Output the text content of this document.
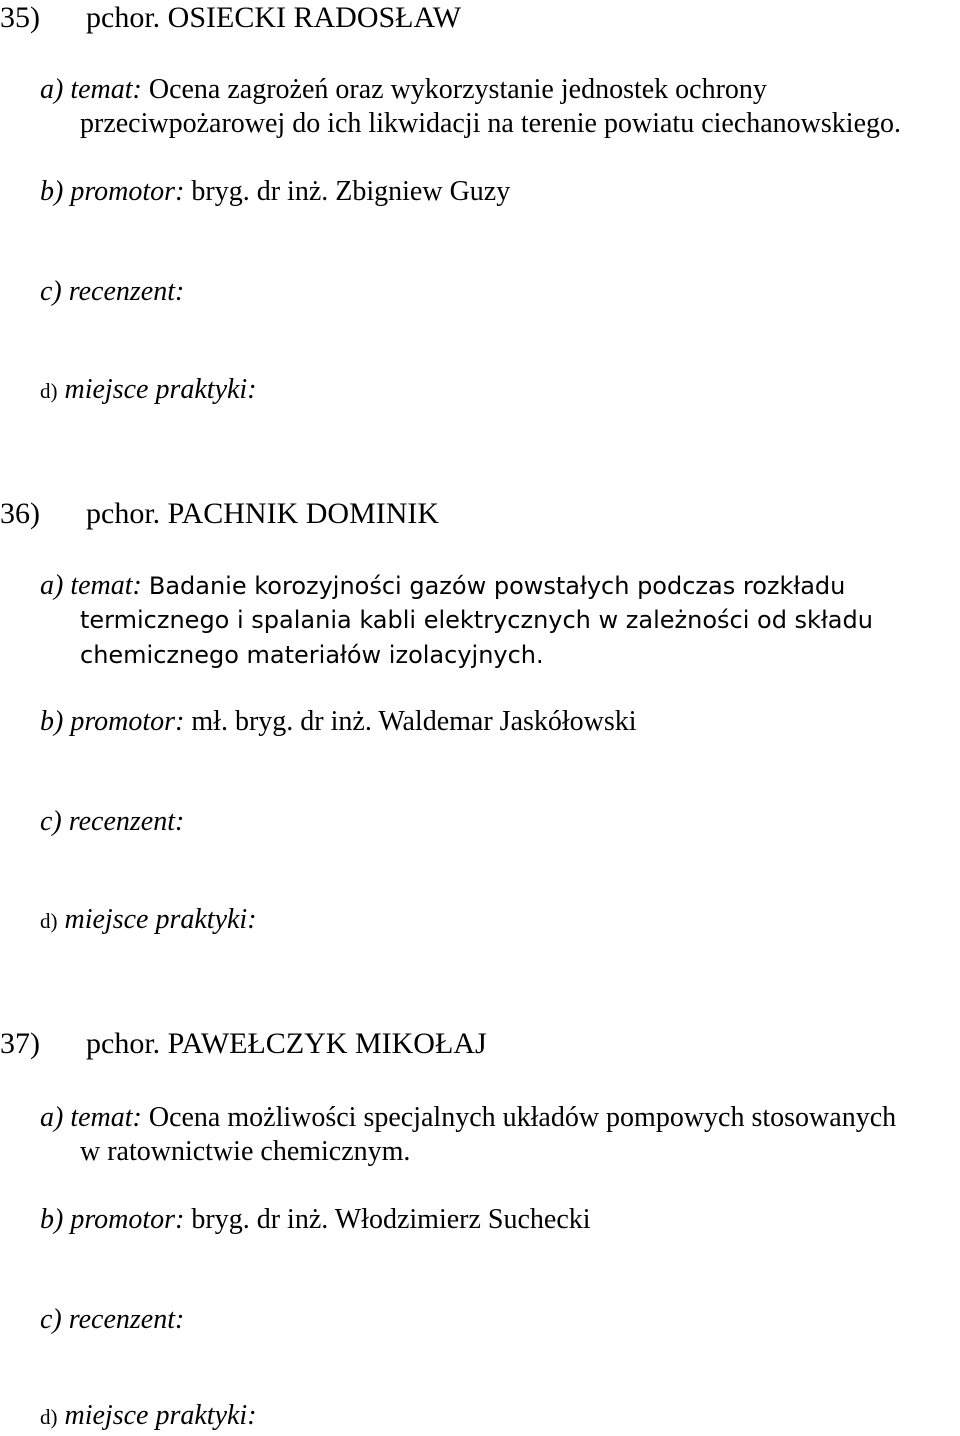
35) pchor. OSIECKI RADOSŁAW
a) temat: Ocena zagrożeń oraz wykorzystanie jednostek ochrony
przeciwpożarowej do ich likwidacji na terenie powiatu ciechanowskiego.
b) promotor: bryg. dr inż. Zbigniew Guzy
c) recenzent:
d) miejsce praktyki:
36) pchor. PACHNIK DOMINIK
a) temat: Badanie korozyjności gazów powstałych podczas rozkładu
termicznego i spalania kabli elektrycznych w zależności od składu
chemicznego materiałów izolacyjnych.
b) promotor: mł. bryg. dr inż. Waldemar Jaskółowski
c) recenzent:
d) miejsce praktyki:
37) pchor. PAWEŁCZYK MIKOŁAJ
a) temat: Ocena możliwości specjalnych układów pompowych stosowanych
w ratownictwie chemicznym.
b) promotor: bryg. dr inż. Włodzimierz Suchecki
c) recenzent:
d) miejsce praktyki:
